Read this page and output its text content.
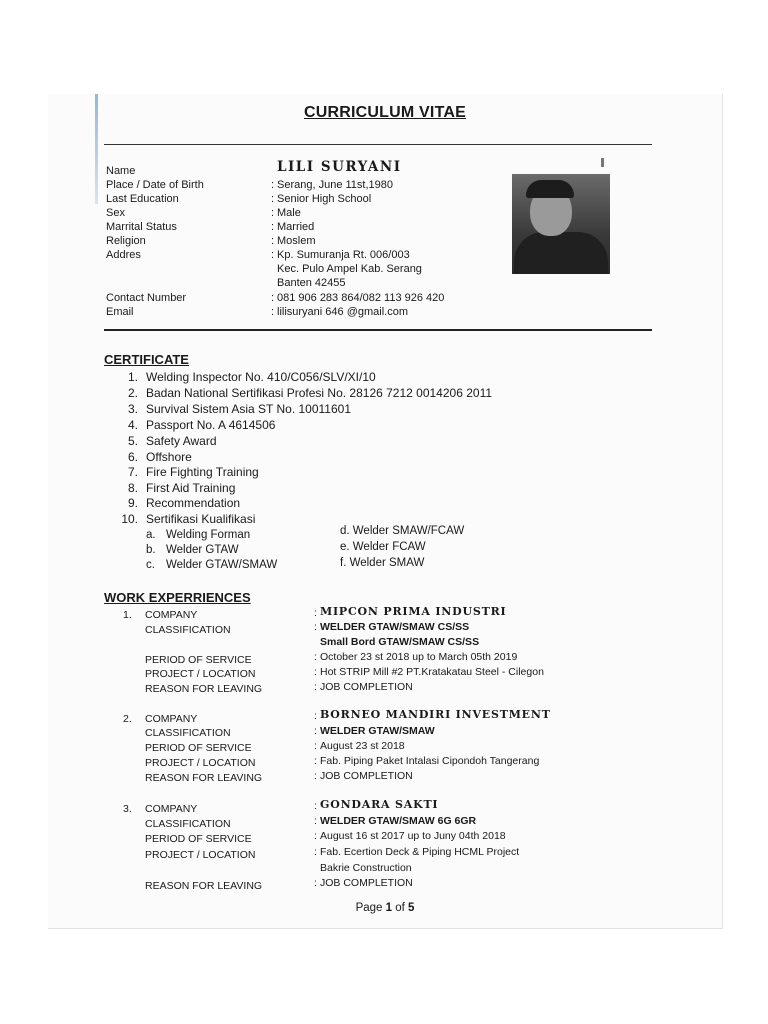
CURRICULUM VITAE
Name	LILI SURYANI
Place / Date of Birth	: Serang, June 11st,1980
Last Education	: Senior High School
Sex	: Male
Marrital Status	: Married
Religion	: Moslem
Addres	: Kp. Sumuranja Rt. 006/003
Kec. Pulo Ampel Kab. Serang
Banten 42455
Contact Number	: 081 906 283 864/082 113 926 420
Email	: lilisuryani 646 @gmail.com
CERTIFICATE
1. Welding Inspector No. 410/C056/SLV/XI/10
2. Badan National Sertifikasi Profesi No. 28126 7212 0014206 2011
3. Survival Sistem Asia ST No. 10011601
4. Passport No. A 4614506
5. Safety Award
6. Offshore
7. Fire Fighting Training
8. First Aid Training
9. Recommendation
10. Sertifikasi Kualifikasi
a. Welding Forman
b. Welder GTAW
c. Welder GTAW/SMAW
d. Welder SMAW/FCAW
e. Welder FCAW
f. Welder SMAW
WORK EXPERRIENCES
1. COMPANY	: MIPCON PRIMA INDUSTRI
CLASSIFICATION	: WELDER GTAW/SMAW CS/SS
Small Bord GTAW/SMAW CS/SS
PERIOD OF SERVICE	: October 23 st 2018 up to March 05th 2019
PROJECT / LOCATION	: Hot STRIP Mill #2 PT.Kratakatau Steel - Cilegon
REASON FOR LEAVING	: JOB COMPLETION
2. COMPANY	: BORNEO MANDIRI INVESTMENT
CLASSIFICATION	: WELDER GTAW/SMAW
PERIOD OF SERVICE	: August 23 st 2018
PROJECT / LOCATION	: Fab. Piping Paket Intalasi Cipondoh Tangerang
REASON FOR LEAVING	: JOB COMPLETION
3. COMPANY	: GONDARA SAKTI
CLASSIFICATION	: WELDER GTAW/SMAW 6G 6GR
PERIOD OF SERVICE	: August 16 st 2017 up to Juny 04th 2018
PROJECT / LOCATION	: Fab. Ecertion Deck & Piping HCML Project
Bakrie Construction
REASON FOR LEAVING	: JOB COMPLETION
Page 1 of 5
